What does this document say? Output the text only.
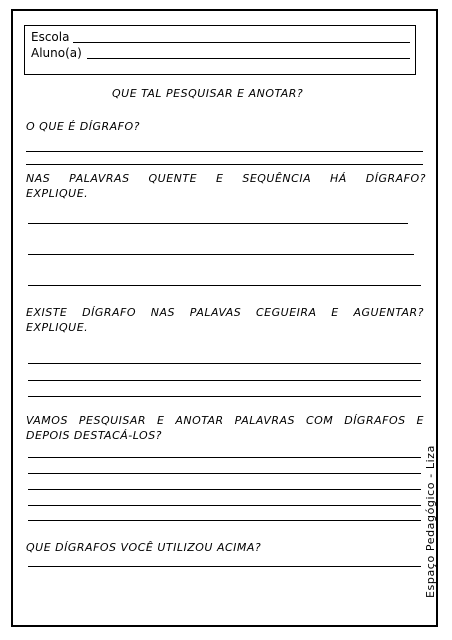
Escola
Aluno(a)
QUE TAL PESQUISAR E ANOTAR?
O QUE É DÍGRAFO?
NAS PALAVRAS QUENTE E SEQUÊNCIA HÁ DÍGRAFO?
EXPLIQUE.
EXISTE DÍGRAFO NAS PALAVAS CEGUEIRA E AGUENTAR?
EXPLIQUE.
VAMOS PESQUISAR E ANOTAR PALAVRAS COM DÍGRAFOS E
DEPOIS DESTACÁ-LOS?
QUE DÍGRAFOS VOCÊ UTILIZOU ACIMA?	Espaço Pedagógico - Liza
